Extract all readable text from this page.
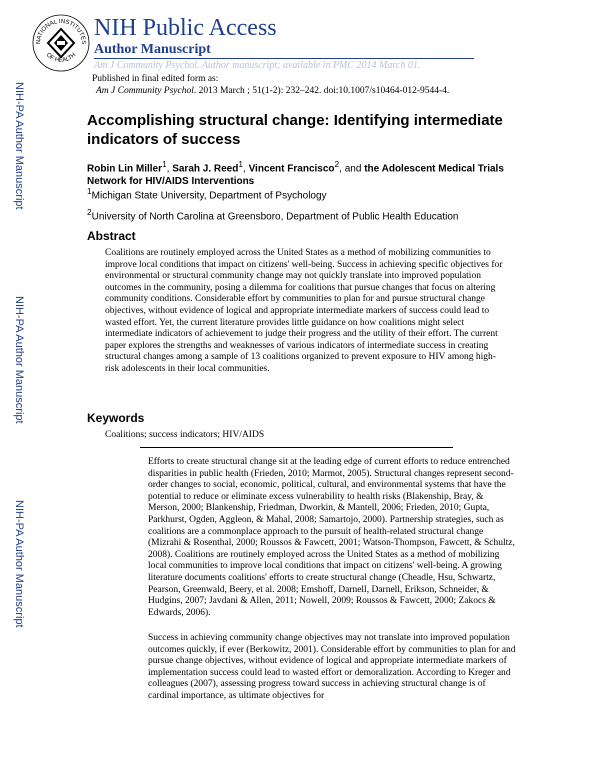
NATIONAL INSTITUTES
OF HEALTH
NIH Public Access
Author Manuscript
Am J Community Psychol. Author manuscript; available in PMC 2014 March 01.
Published in final edited form as:
Am J Community Psychol. 2013 March ; 51(1-2): 232–242. doi:10.1007/s10464-012-9544-4.
NIH-PA Author Manuscript
NIH-PA Author Manuscript
NIH-PA Author Manuscript
Accomplishing structural change: Identifying intermediate indicators of success
Robin Lin Miller$^1$, Sarah J. Reed$^1$, Vincent Francisco$^2$, and the Adolescent Medical Trials Network for HIV/AIDS Interventions
$^1$Michigan State University, Department of Psychology
$^2$University of North Carolina at Greensboro, Department of Public Health Education
Abstract
Coalitions are routinely employed across the United States as a method of mobilizing communities to improve local conditions that impact on citizens' well-being. Success in achieving specific objectives for environmental or structural community change may not quickly translate into improved population outcomes in the community, posing a dilemma for coalitions that pursue changes that focus on altering community conditions. Considerable effort by communities to plan for and pursue structural change objectives, without evidence of logical and appropriate intermediate markers of success could lead to wasted effort. Yet, the current literature provides little guidance on how coalitions might select intermediate indicators of achievement to judge their progress and the utility of their effort. The current paper explores the strengths and weaknesses of various indicators of intermediate success in creating structural changes among a sample of 13 coalitions organized to prevent exposure to HIV among high-risk adolescents in their local communities.
Keywords
Coalitions; success indicators; HIV/AIDS
Efforts to create structural change sit at the leading edge of current efforts to reduce entrenched disparities in public health (Frieden, 2010; Marmot, 2005). Structural changes represent second-order changes to social, economic, political, cultural, and environmental systems that have the potential to reduce or eliminate excess vulnerability to health risks (Blakenship, Bray, & Merson, 2000; Blankenship, Friedman, Dworkin, & Mantell, 2006; Frieden, 2010; Gupta, Parkhurst, Ogden, Aggleon, & Mahal, 2008; Samartojo, 2000). Partnership strategies, such as coalitions are a commonplace approach to the pursuit of health-related structural change (Mizrahi & Rosenthal, 2000; Roussos & Fawcett, 2001; Watson-Thompson, Fawcett, & Schultz, 2008). Coalitions are routinely employed across the United States as a method of mobilizing local communities to improve local conditions that impact on citizens' well-being. A growing literature documents coalitions' efforts to create structural change (Cheadle, Hsu, Schwartz, Pearson, Greenwald, Beery, et al. 2008; Emshoff, Darnell, Darnell, Erikson, Schneider, & Hudgins, 2007; Javdani & Allen, 2011; Nowell, 2009; Roussos & Fawcett, 2000; Zakocs & Edwards, 2006).
Success in achieving community change objectives may not translate into improved population outcomes quickly, if ever (Berkowitz, 2001). Considerable effort by communities to plan for and pursue change objectives, without evidence of logical and appropriate intermediate markers of implementation success could lead to wasted effort or demoralization. According to Kreger and colleagues (2007), assessing progress toward success in achieving structural change is of cardinal importance, as ultimate objectives for
